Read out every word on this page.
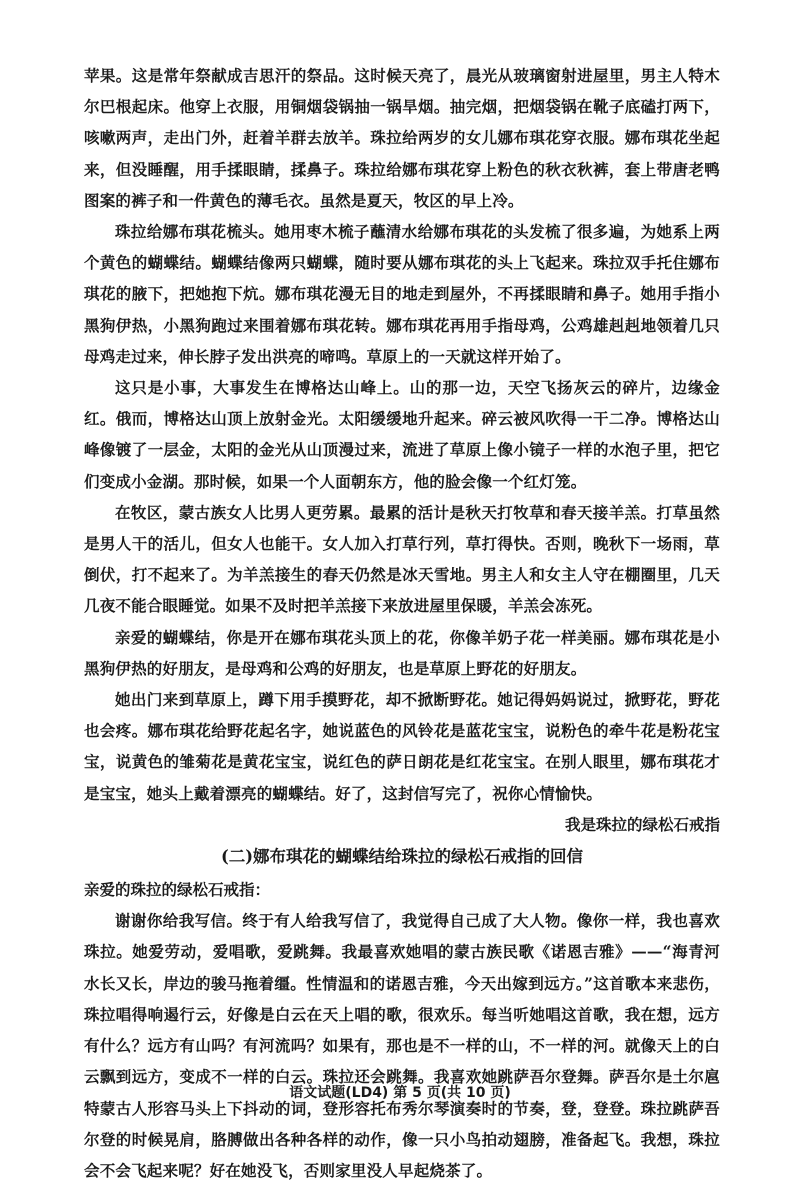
苹果。这是常年祭献成吉思汗的祭品。这时候天亮了，晨光从玻璃窗射进屋里，男主人特木尔巴根起床。他穿上衣服，用铜烟袋锅抽一锅旱烟。抽完烟，把烟袋锅在靴子底磕打两下，咳嗽两声，走出门外，赶着羊群去放羊。珠拉给两岁的女儿娜布琪花穿衣服。娜布琪花坐起来，但没睡醒，用手揉眼睛，揉鼻子。珠拉给娜布琪花穿上粉色的秋衣秋裤，套上带唐老鸭图案的裤子和一件黄色的薄毛衣。虽然是夏天，牧区的早上冷。

珠拉给娜布琪花梳头。她用枣木梳子蘸清水给娜布琪花的头发梳了很多遍，为她系上两个黄色的蝴蝶结。蝴蝶结像两只蝴蝶，随时要从娜布琪花的头上飞起来。珠拉双手托住娜布琪花的腋下，把她抱下炕。娜布琪花漫无目的地走到屋外，不再揉眼睛和鼻子。她用手指小黑狗伊热，小黑狗跑过来围着娜布琪花转。娜布琪花再用手指母鸡，公鸡雄赳赳地领着几只母鸡走过来，伸长脖子发出洪亮的啼鸣。草原上的一天就这样开始了。

这只是小事，大事发生在博格达山峰上。山的那一边，天空飞扬灰云的碎片，边缘金红。俄而，博格达山顶上放射金光。太阳缓缓地升起来。碎云被风吹得一干二净。博格达山峰像镀了一层金，太阳的金光从山顶漫过来，流进了草原上像小镜子一样的水泡子里，把它们变成小金湖。那时候，如果一个人面朝东方，他的脸会像一个红灯笼。

在牧区，蒙古族女人比男人更劳累。最累的活计是秋天打牧草和春天接羊羔。打草虽然是男人干的活儿，但女人也能干。女人加入打草行列，草打得快。否则，晚秋下一场雨，草倒伏，打不起来了。为羊羔接生的春天仍然是冰天雪地。男主人和女主人守在棚圈里，几天几夜不能合眼睡觉。如果不及时把羊羔接下来放进屋里保暖，羊羔会冻死。

亲爱的蝴蝶结，你是开在娜布琪花头顶上的花，你像羊奶子花一样美丽。娜布琪花是小黑狗伊热的好朋友，是母鸡和公鸡的好朋友，也是草原上野花的好朋友。

她出门来到草原上，蹲下用手摸野花，却不掀断野花。她记得妈妈说过，掀野花，野花也会疼。娜布琪花给野花起名字，她说蓝色的风铃花是蓝花宝宝，说粉色的牵牛花是粉花宝宝，说黄色的雏菊花是黄花宝宝，说红色的萨日朗花是红花宝宝。在别人眼里，娜布琪花才是宝宝，她头上戴着漂亮的蝴蝶结。好了，这封信写完了，祝你心情愉快。

我是珠拉的绿松石戒指

(二)娜布琪花的蝴蝶结给珠拉的绿松石戒指的回信

亲爱的珠拉的绿松石戒指：

谢谢你给我写信。终于有人给我写信了，我觉得自己成了大人物。像你一样，我也喜欢珠拉。她爱劳动，爱唱歌，爱跳舞。我最喜欢她唱的蒙古族民歌《诺恩吉雅》——“海青河水长又长，岸边的骏马拖着缰。性情温和的诺恩吉雅，今天出嫁到远方。”这首歌本来悲伤，珠拉唱得响遏行云，好像是白云在天上唱的歌，很欢乐。每当听她唱这首歌，我在想，远方有什么？远方有山吗？有河流吗？如果有，那也是不一样的山，不一样的河。就像天上的白云飘到远方，变成不一样的白云。珠拉还会跳舞。我喜欢她跳萨吾尔登舞。萨吾尔是土尔扈特蒙古人形容马头上下抖动的词，登形容托布秀尔琴演奏时的节奏，登，登登。珠拉跳萨吾尔登的时候晃肩，胳膊做出各种各样的动作，像一只小鸟拍动翅膀，准备起飞。我想，珠拉会不会飞起来呢？好在她没飞，否则家里没人早起烧茶了。

语文试题(LD4) 第 5 页(共 10 页)
